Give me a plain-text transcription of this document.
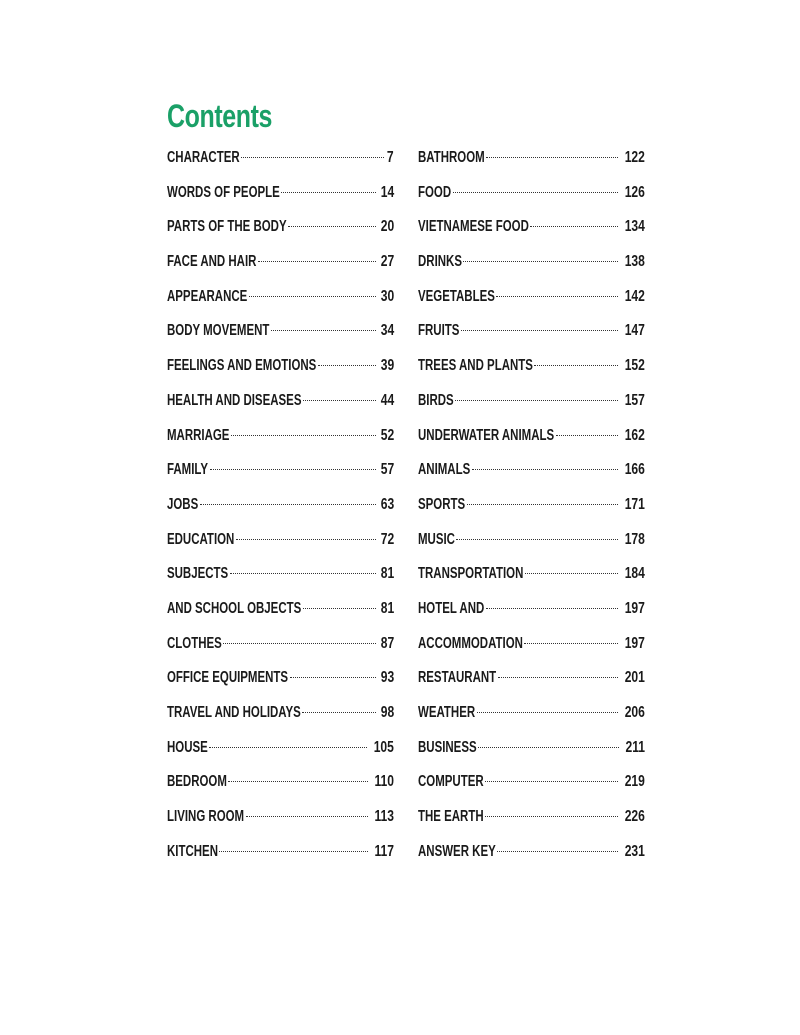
Contents
CHARACTER	7
WORDS OF PEOPLE	14
PARTS OF THE BODY	20
FACE AND HAIR	27
APPEARANCE	30
BODY MOVEMENT	34
FEELINGS AND EMOTIONS	39
HEALTH AND DISEASES	44
MARRIAGE	52
FAMILY	57
JOBS	63
EDUCATION	72
SUBJECTS	81
AND SCHOOL OBJECTS	81
CLOTHES	87
OFFICE EQUIPMENTS	93
TRAVEL AND HOLIDAYS	98
HOUSE	105
BEDROOM	110
LIVING ROOM	113
KITCHEN	117
BATHROOM	122
FOOD	126
VIETNAMESE FOOD	134
DRINKS	138
VEGETABLES	142
FRUITS	147
TREES AND PLANTS	152
BIRDS	157
UNDERWATER ANIMALS	162
ANIMALS	166
SPORTS	171
MUSIC	178
TRANSPORTATION	184
HOTEL AND	197
ACCOMMODATION	197
RESTAURANT	201
WEATHER	206
BUSINESS	211
COMPUTER	219
THE EARTH	226
ANSWER KEY	231
